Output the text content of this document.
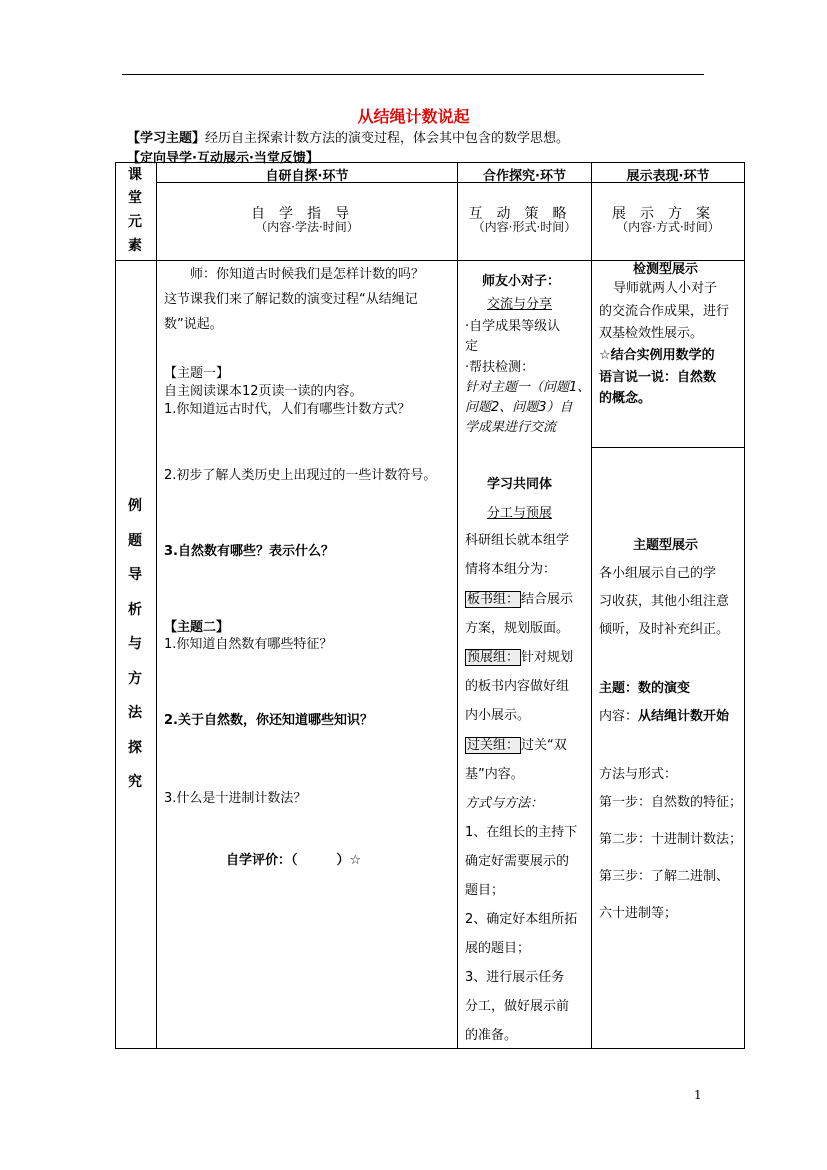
从结绳计数说起
【学习主题】经历自主探索计数方法的演变过程，体会其中包含的数学思想。
【定向导学·互动展示·当堂反馈】
课
堂
元
素
自研自探·环节	合作探究·环节	展示表现·环节
自学指导
（内容·学法·时间）
互动策略
（内容·形式·时间）
展示方案
（内容·方式·时间）
例
题
导
析
与
方
法
探
究
师：你知道古时候我们是怎样计数的吗？
这节课我们来了解记数的演变过程“从结绳记
数”说起。
【主题一】
自主阅读课本12页读一读的内容。
1.你知道远古时代，人们有哪些计数方式？
2.初步了解人类历史上出现过的一些计数符号。
3.自然数有哪些？表示什么？
【主题二】
1.你知道自然数有哪些特征？
2.关于自然数，你还知道哪些知识？
3.什么是十进制计数法？
自学评价：（　　　）☆
师友小对子：
交流与分享
·自学成果等级认
定
·帮扶检测：
针对主题一（问题1、
问题2、问题3）自
学成果进行交流
学习共同体
分工与预展
科研组长就本组学
情将本组分为：
板书组： 结合展示
方案，规划版面。
预展组： 针对规划
的板书内容做好组
内小展示。
过关组： 过关“双
基”内容。
方式与方法：
1、在组长的主持下
确定好需要展示的
题目；
2、确定好本组所拓
展的题目；
3、进行展示任务
分工，做好展示前
的准备。
检测型展示
导师就两人小对子
的交流合作成果，进行
双基检效性展示。
☆结合实例用数学的
语言说一说：自然数
的概念。
主题型展示
各小组展示自己的学
习收获，其他小组注意
倾听，及时补充纠正。
主题：数的演变
内容：从结绳计数开始
方法与形式：
第一步：自然数的特征；
第二步：十进制计数法；
第三步：了解二进制、
六十进制等；
1
